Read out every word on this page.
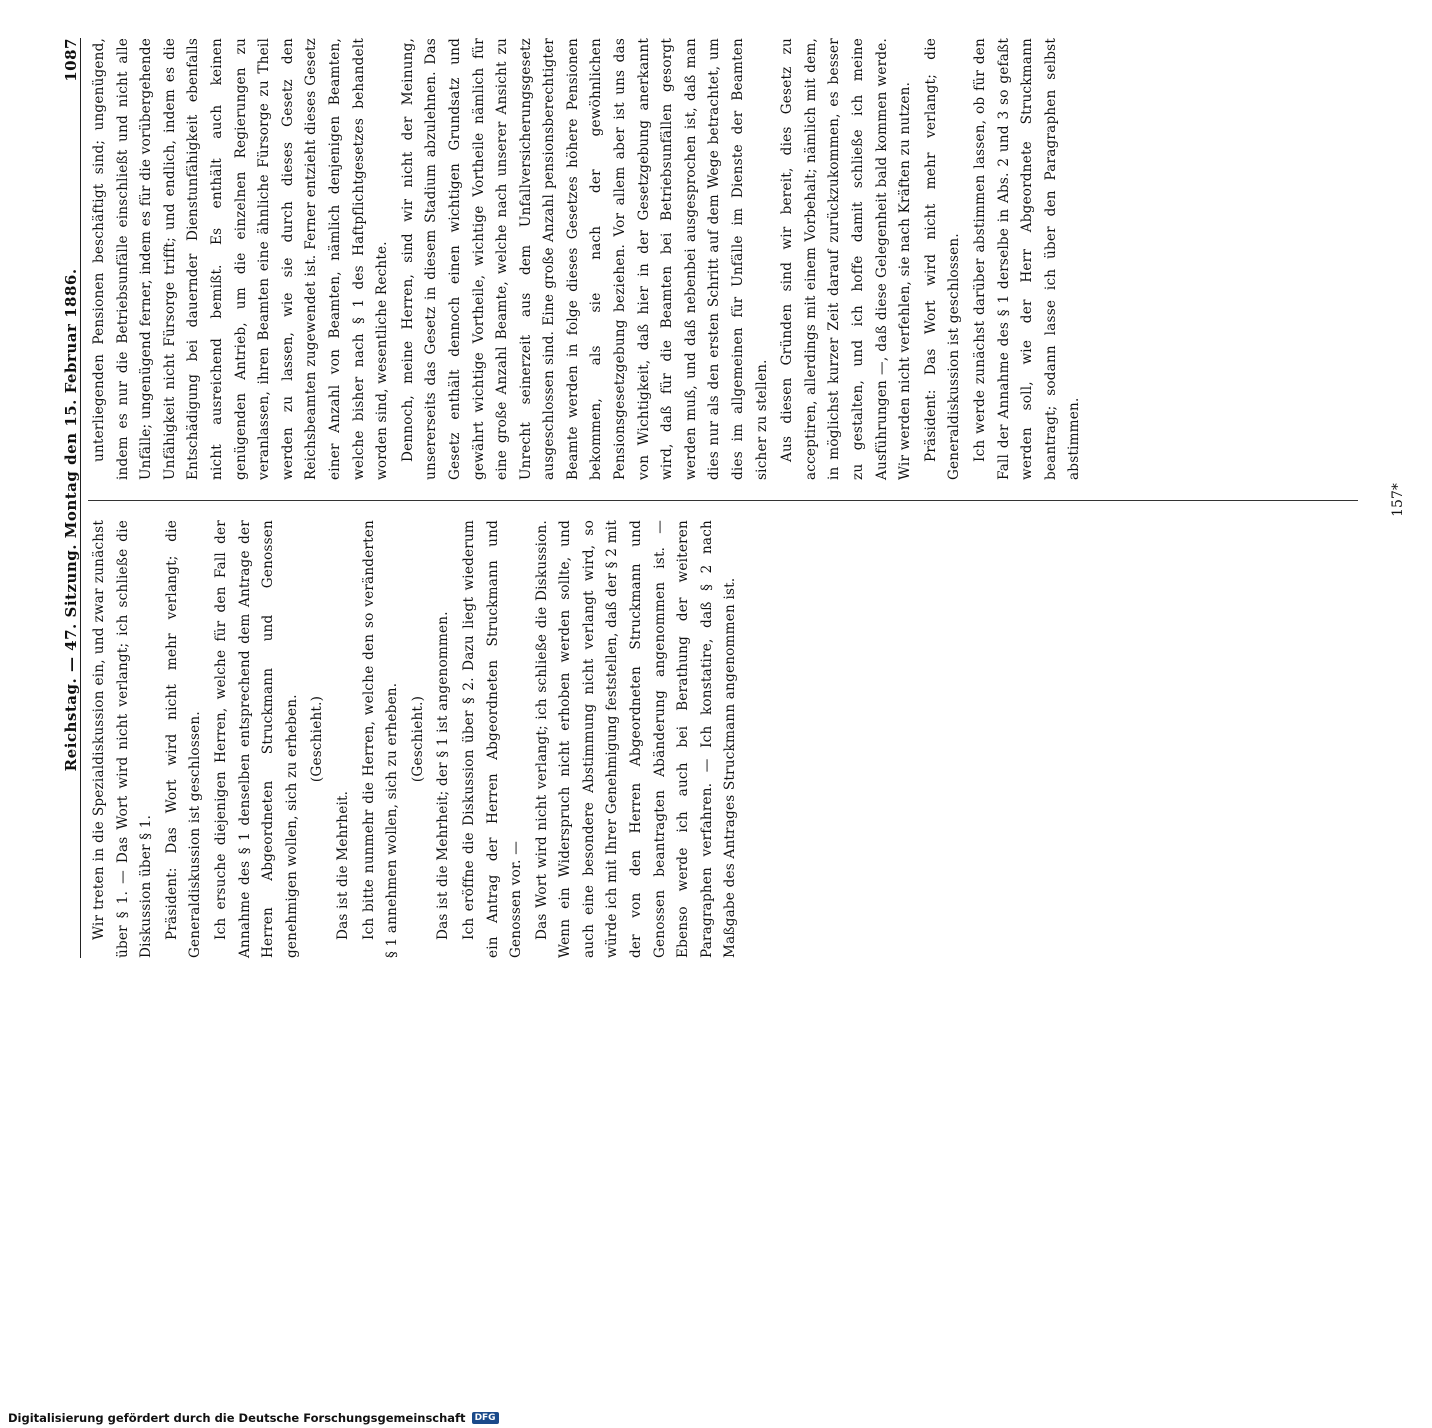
Reichstag. — 47. Sitzung. Montag den 15. Februar 1886.
1087

Wir treten in die Spezialdiskussion ein, und zwar zunächst über § 1. — Das Wort wird nicht verlangt; ich schließe die Diskussion über § 1. Präsident: Das Wort wird nicht mehr verlangt; die Generaldiskussion ist geschlossen. Ich ersuche diejenigen Herren, welche für den Fall der Annahme des § 1 denselben entsprechend dem Antrage der Herren Abgeordneten Struckmann und Genossen genehmigen wollen, sich zu erheben. (Geschieht.)

Das ist die Mehrheit. Ich bitte nunmehr die Herren, welche den so veränderten § 1 annehmen wollen, sich zu erheben. (Geschieht.) Das ist die Mehrheit; der § 1 ist angenommen. Ich eröffne die Diskussion über § 2. Dazu liegt wiederum ein Antrag der Herren Abgeordneten Struckmann und Genossen vor. — Das Wort wird nicht verlangt; ich schließe die Diskussion. Wenn ein Widerspruch nicht erhoben werden sollte, und auch eine besondere Abstimmung nicht verlangt wird, so würde ich mit Ihrer Genehmigung feststellen, daß der § 2 mit der von den Herren Abgeordneten Struckmann und Genossen beantragten Abänderung angenommen ist. — Ebenso werde ich auch bei Berathung der weiteren Paragraphen verfahren. — Ich konstatire, daß § 2 nach Maßgabe des Antrages Struckmann angenommen ist.

unterliegenden Pensionen beschäftigt sind; ungenügend, indem es nur die Betriebsunfälle einschließt und nicht alle Unfälle; ungenügend ferner, indem es für die vorübergehende Unfähigkeit nicht Fürsorge trifft; und endlich, indem es die Entschädigung bei dauernder Dienstunfähigkeit ebenfalls nicht ausreichend bemißt. Es enthält auch keinen genügenden Antrieb, um die einzelnen Regierungen zu veranlassen, ihren Beamten eine ähnliche Fürsorge zu Theil werden zu lassen, wie sie durch dieses Gesetz den Reichsbeamten zugewendet ist. Ferner entzieht dieses Gesetz einer Anzahl von Beamten, nämlich denjenigen Beamten, welche bisher nach § 1 des Haftpflichtgesetzes behandelt worden sind, wesentliche Rechte. Dennoch, meine Herren, sind wir nicht der Meinung, unsererseits das Gesetz in diesem Stadium abzulehnen. Das Gesetz enthält dennoch einen wichtigen Grundsatz und gewährt wichtige Vortheile, wichtige Vortheile nämlich für eine große Anzahl Beamte, welche nach unserer Ansicht zu Unrecht seinerzeit aus dem Unfallversicherungsgesetz ausgeschlossen sind. Eine große Anzahl pensionsberechtigter Beamte werden in folge dieses Gesetzes höhere Pensionen bekommen, als sie nach der gewöhnlichen Pensionsgesetzgebung beziehen. Vor allem aber ist uns das von Wichtigkeit, daß hier in der Gesetzgebung anerkannt wird, daß für die Beamten bei Betriebsunfällen gesorgt werden muß, und daß nebenbei ausgesprochen ist, daß man dies nur als den ersten Schritt auf dem Wege betrachtet, um dies im allgemeinen für Unfälle im Dienste der Beamten sicher zu stellen. Aus diesen Gründen sind wir bereit, dies Gesetz zu acceptiren, allerdings mit einem Vorbehalt; nämlich mit dem, in möglichst kurzer Zeit darauf zurückzukommen, es besser zu gestalten, und ich hoffe damit schließe ich meine Ausführungen —, daß diese Gelegenheit bald kommen werde. Wir werden nicht verfehlen, sie nach Kräften zu nutzen. Präsident: Das Wort wird nicht mehr verlangt; die Generaldiskussion ist geschlossen. Ich werde zunächst darüber abstimmen lassen, ob für den Fall der Annahme des § 1 derselbe in Abs. 2 und 3 so gefaßt werden soll, wie der Herr Abgeordnete Struckmann beantragt; sodann lasse ich über den Paragraphen selbst abstimmen.

157*
Digitalisierung gefördert durch die Deutsche Forschungsgemeinschaft	DFG
